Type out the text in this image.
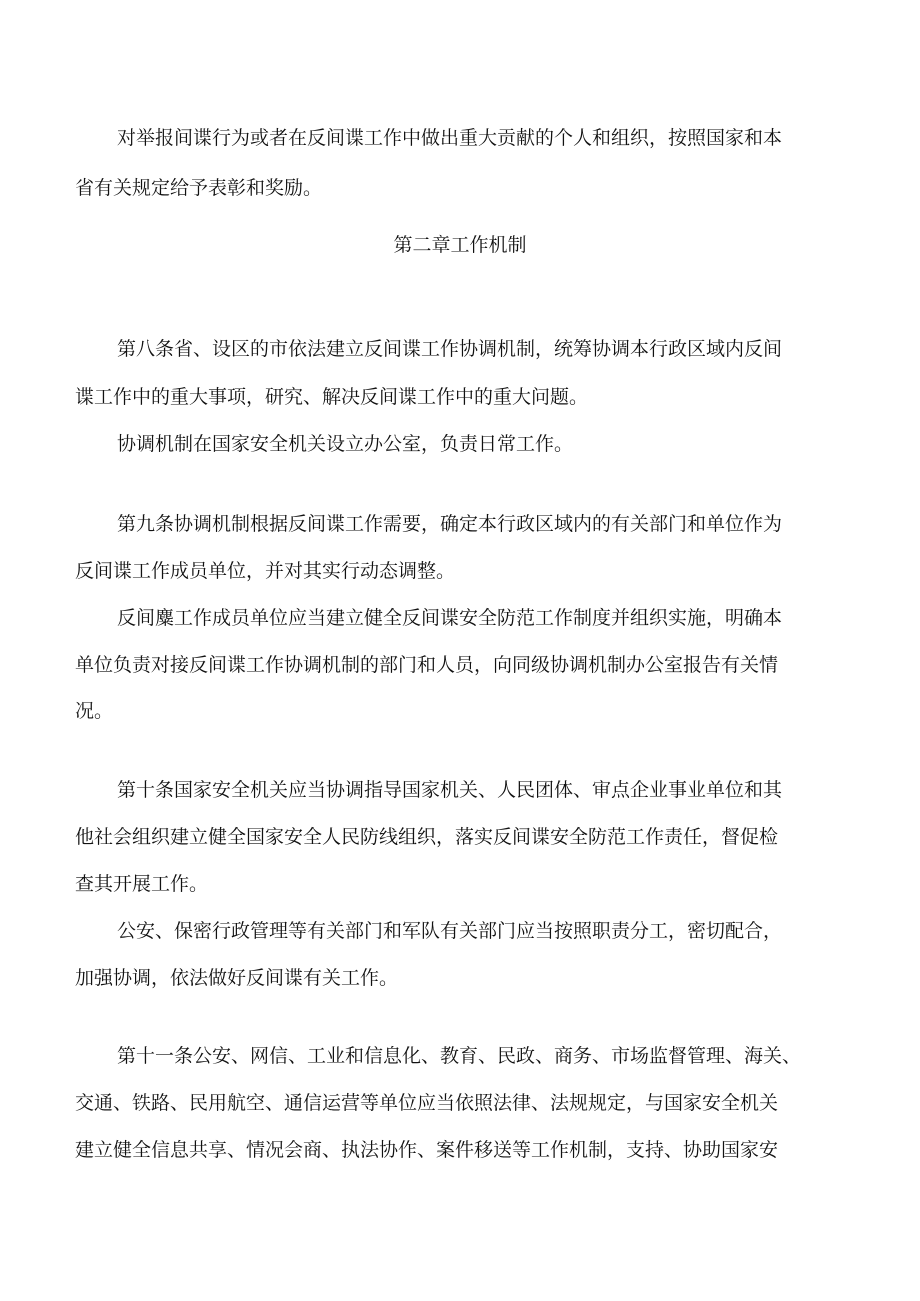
对举报间谍行为或者在反间谍工作中做出重大贡献的个人和组织，按照国家和本
省有关规定给予表彰和奖励。
第二章工作机制
第八条省、设区的市依法建立反间谍工作协调机制，统筹协调本行政区域内反间
谍工作中的重大事项，研究、解决反间谍工作中的重大问题。
协调机制在国家安全机关设立办公室，负责日常工作。
第九条协调机制根据反间谍工作需要，确定本行政区域内的有关部门和单位作为
反间谍工作成员单位，并对其实行动态调整。
反间麋工作成员单位应当建立健全反间谍安全防范工作制度并组织实施，明确本
单位负责对接反间谍工作协调机制的部门和人员，向同级协调机制办公室报告有关情
况。
第十条国家安全机关应当协调指导国家机关、人民团体、审点企业事业单位和其
他社会组织建立健全国家安全人民防线组织，落实反间谍安全防范工作责任，督促检
查其开展工作。
公安、保密行政管理等有关部门和军队有关部门应当按照职责分工，密切配合，
加强协调，依法做好反间谍有关工作。
第十一条公安、网信、工业和信息化、教育、民政、商务、市场监督管理、海关、
交通、铁路、民用航空、通信运营等单位应当依照法律、法规规定，与国家安全机关
建立健全信息共享、情况会商、执法协作、案件移送等工作机制，支持、协助国家安
